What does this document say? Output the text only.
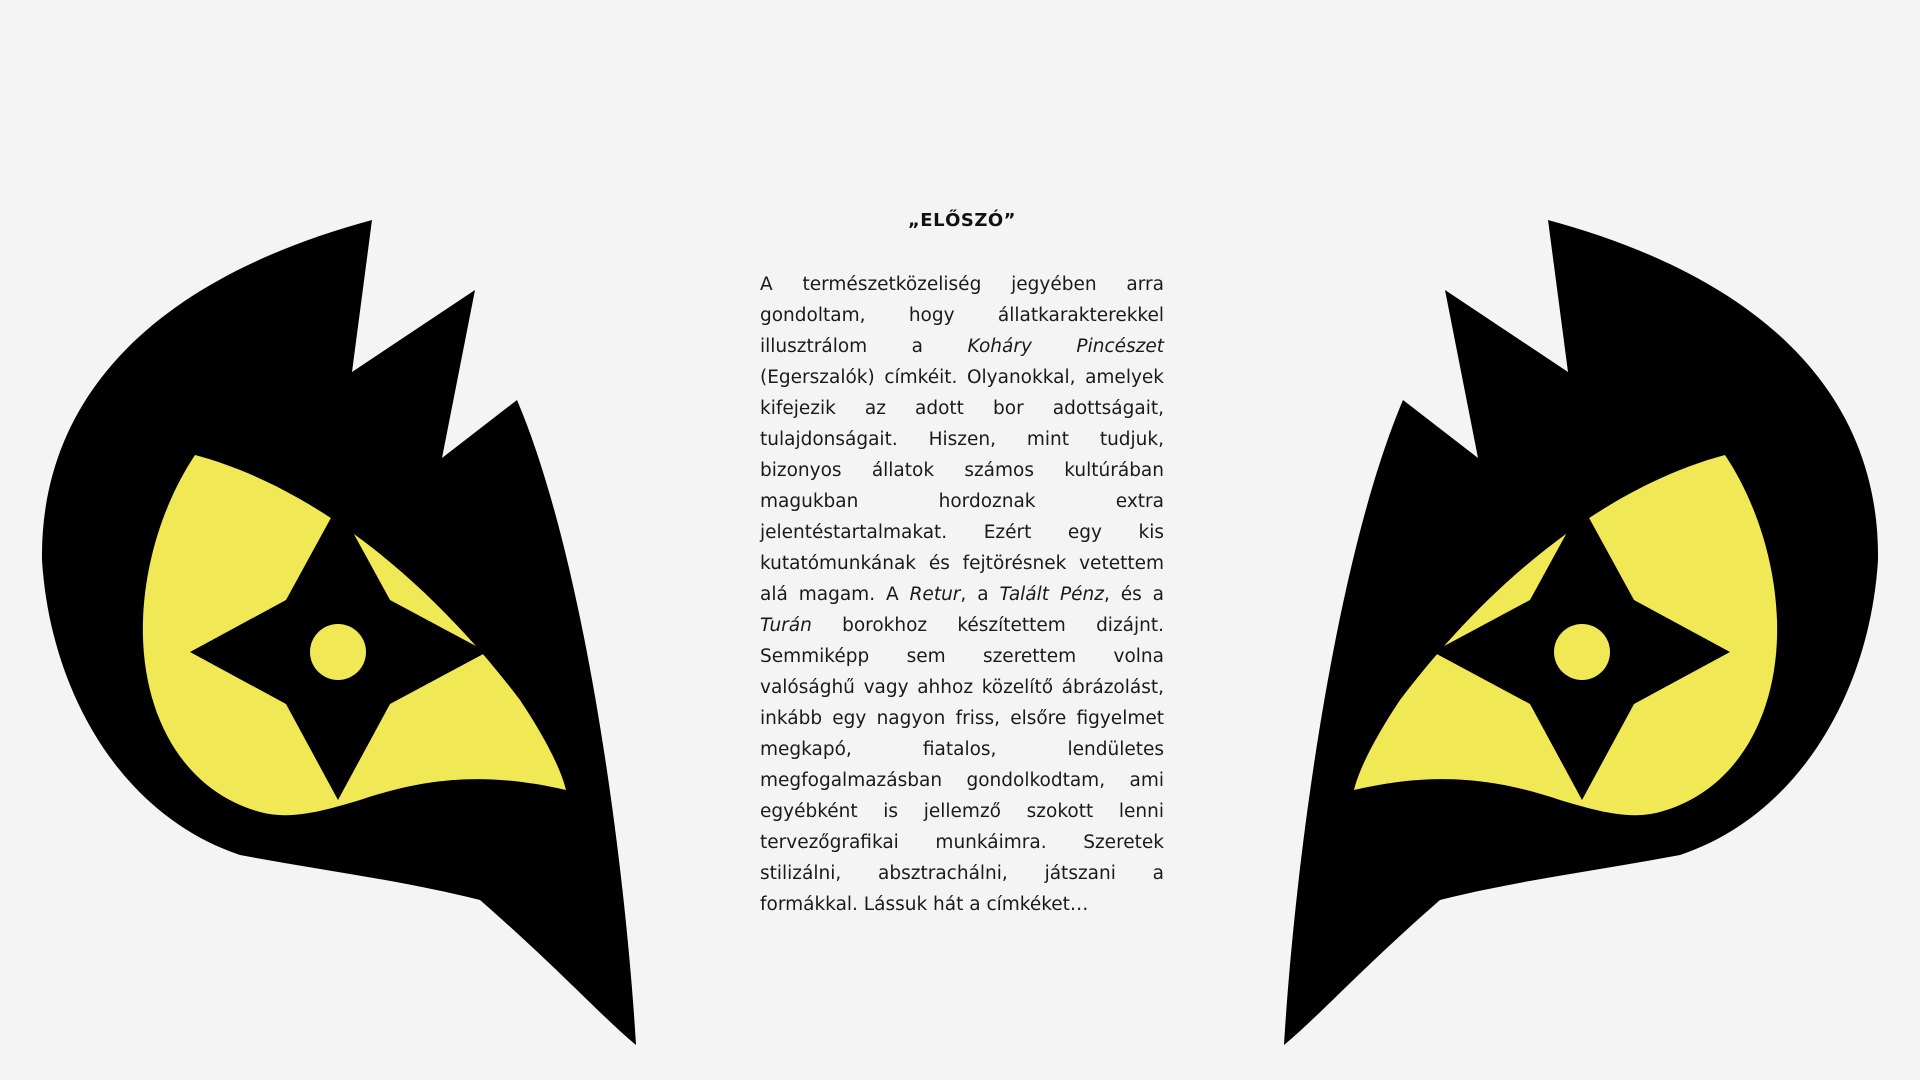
„ELŐSZÓ”

A természetközeliség jegyében arra gondoltam, hogy állatkarakterekkel illusztrálom a Koháry Pincészet (Egerszalók) címkéit. Olyanokkal, amelyek kifejezik az adott bor adottságait, tulajdonságait. Hiszen, mint tudjuk, bizonyos állatok számos kultúrában magukban hordoznak extra jelentéstartalmakat. Ezért egy kis kutatómunkának és fejtörésnek vetettem alá magam. A Retur, a Talált Pénz, és a Turán borokhoz készítettem dizájnt. Semmiképp sem szerettem volna valósághű vagy ahhoz közelítő ábrázolást, inkább egy nagyon friss, elsőre figyelmet megkapó, fiatalos, lendületes megfogalmazásban gondolkodtam, ami egyébként is jellemző szokott lenni tervezőgrafikai munkáimra. Szeretek stilizálni, absztrachálni, játszani a formákkal. Lássuk hát a címkéket…
